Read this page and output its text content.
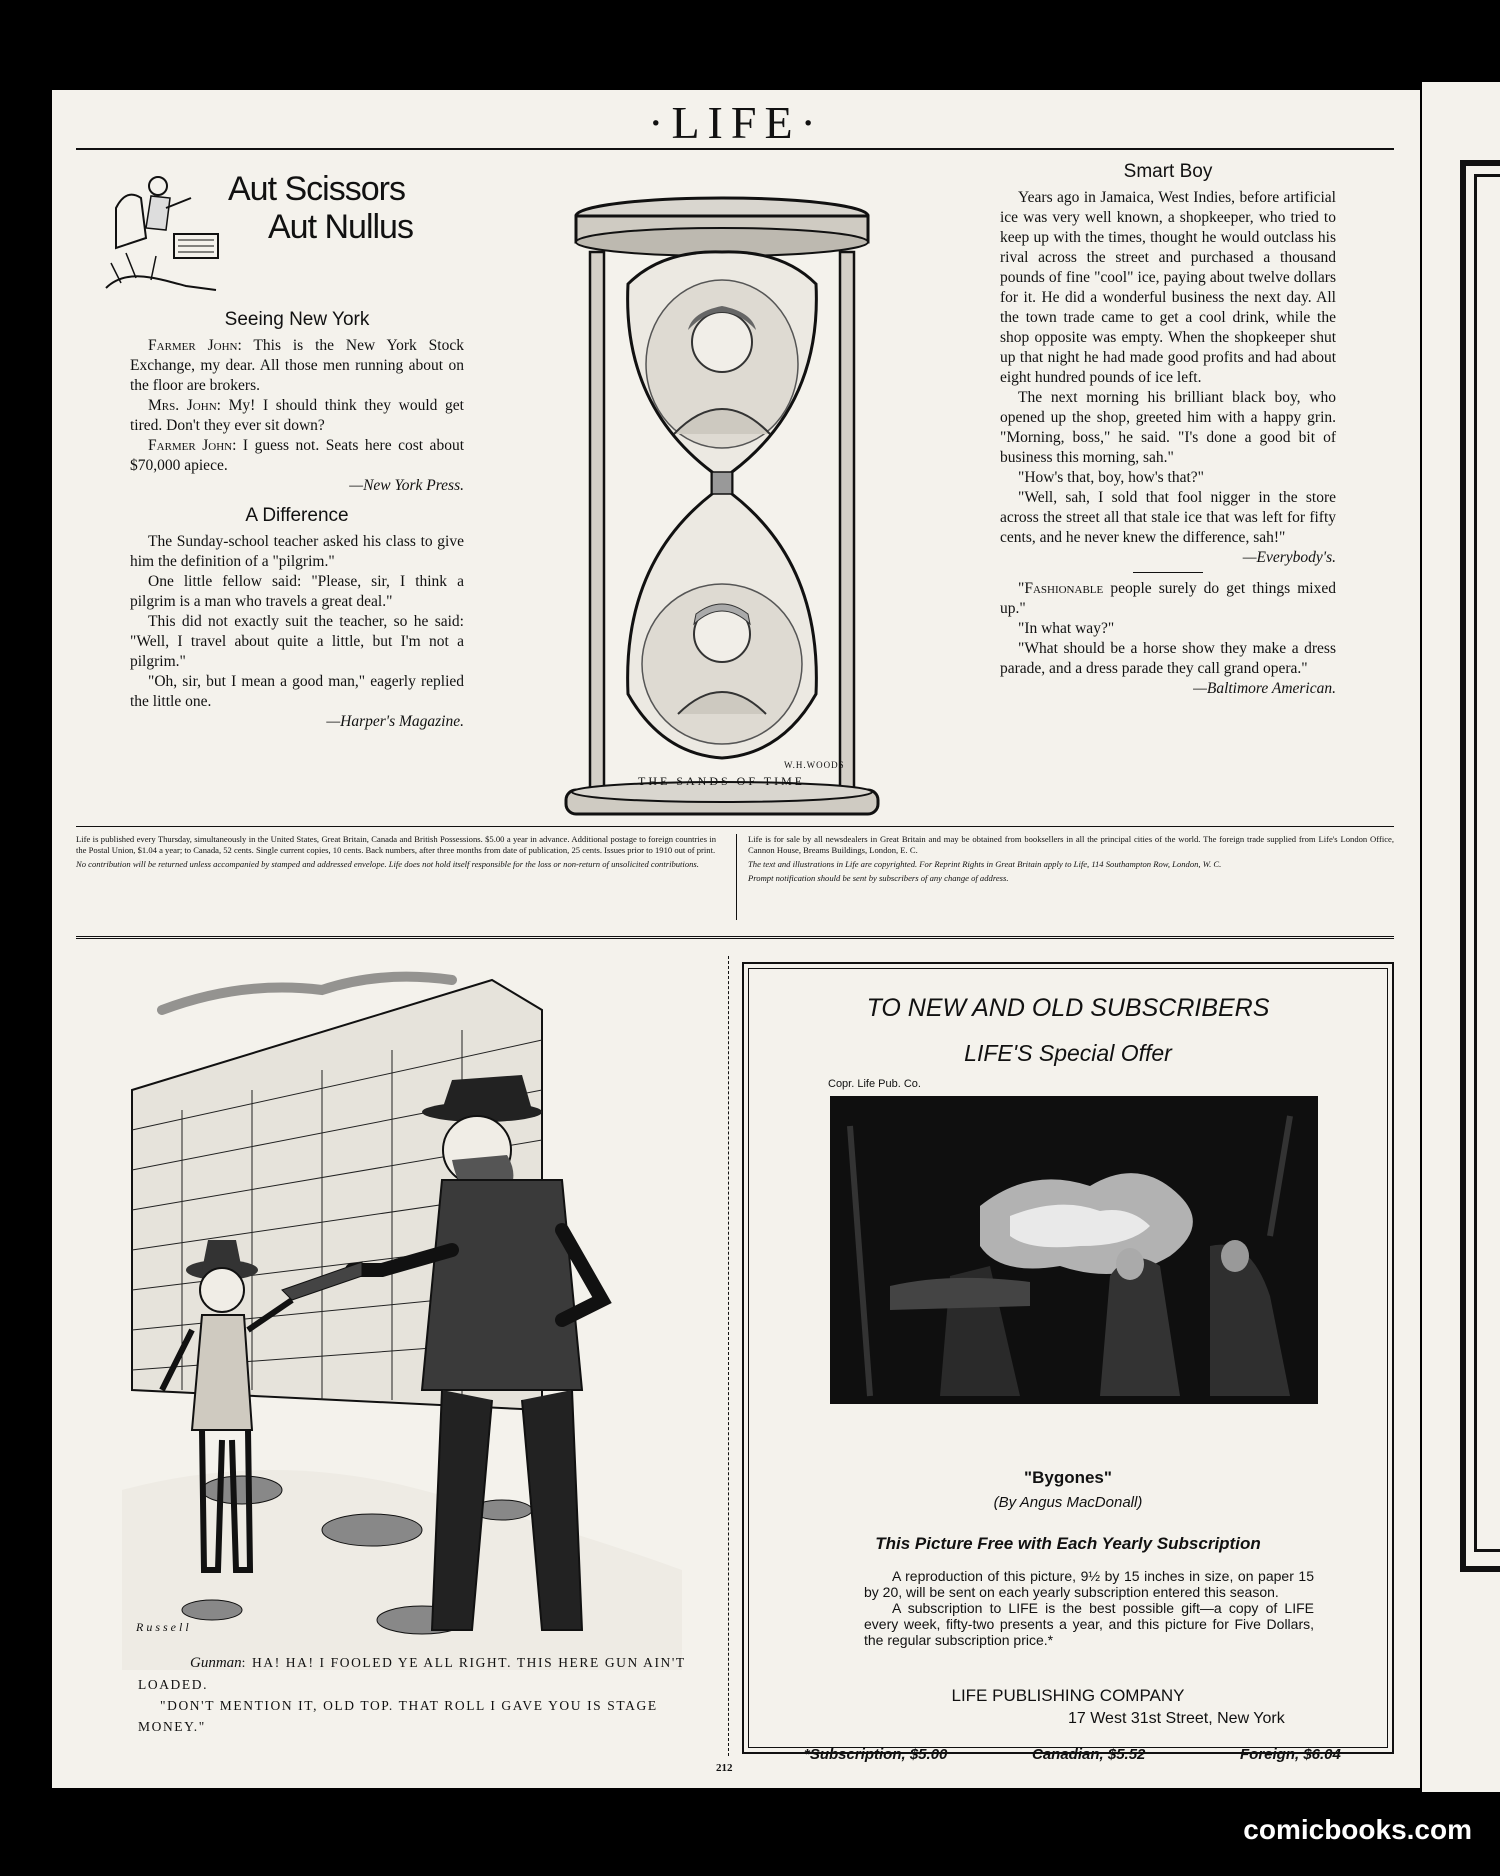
·LIFE·
Aut Scissors
Aut Nullus
Seeing New York

Farmer John: This is the New York Stock Exchange, my dear. All those men running about on the floor are brokers.

Mrs. John: My! I should think they would get tired. Don't they ever sit down?

Farmer John: I guess not. Seats here cost about $70,000 apiece.

—New York Press.
A Difference

The Sunday-school teacher asked his class to give him the definition of a "pilgrim."

One little fellow said: "Please, sir, I think a pilgrim is a man who travels a great deal."

This did not exactly suit the teacher, so he said: "Well, I travel about quite a little, but I'm not a pilgrim."

"Oh, sir, but I mean a good man," eagerly replied the little one.

—Harper's Magazine.
W.H.WOODS
THE SANDS OF TIME
Smart Boy

Years ago in Jamaica, West Indies, before artificial ice was very well known, a shopkeeper, who tried to keep up with the times, thought he would outclass his rival across the street and purchased a thousand pounds of fine "cool" ice, paying about twelve dollars for it. He did a wonderful business the next day. All the town trade came to get a cool drink, while the shop opposite was empty. When the shopkeeper shut up that night he had made good profits and had about eight hundred pounds of ice left.

The next morning his brilliant black boy, who opened up the shop, greeted him with a happy grin. "Morning, boss," he said. "I's done a good bit of business this morning, sah."

"How's that, boy, how's that?"

"Well, sah, I sold that fool nigger in the store across the street all that stale ice that was left for fifty cents, and he never knew the difference, sah!"

—Everybody's.

"Fashionable people surely do get things mixed up."

"In what way?"

"What should be a horse show they make a dress parade, and a dress parade they call grand opera."

—Baltimore American.

Life is published every Thursday, simultaneously in the United States, Great Britain, Canada and British Possessions. $5.00 a year in advance. Additional postage to foreign countries in the Postal Union, $1.04 a year; to Canada, 52 cents. Single current copies, 10 cents. Back numbers, after three months from date of publication, 25 cents. Issues prior to 1910 out of print.

No contribution will be returned unless accompanied by stamped and addressed envelope. Life does not hold itself responsible for the loss or non-return of unsolicited contributions.

Life is for sale by all newsdealers in Great Britain and may be obtained from booksellers in all the principal cities of the world. The foreign trade supplied from Life's London Office, Cannon House, Breams Buildings, London, E. C.

The text and illustrations in Life are copyrighted. For Reprint Rights in Great Britain apply to Life, 114 Southampton Row, London, W. C.

Prompt notification should be sent by subscribers of any change of address.

Russell

Gunman: HA! HA! I FOOLED YE ALL RIGHT. THIS HERE GUN AIN'T LOADED.

"DON'T MENTION IT, OLD TOP. THAT ROLL I GAVE YOU IS STAGE MONEY."

TO NEW AND OLD SUBSCRIBERS
LIFE'S Special Offer
Copr. Life Pub. Co.
"Bygones"
(By Angus MacDonall)
This Picture Free with Each Yearly Subscription

A reproduction of this picture, 9½ by 15 inches in size, on paper 15 by 20, will be sent on each yearly subscription entered this season.

A subscription to LIFE is the best possible gift—a copy of LIFE every week, fifty-two presents a year, and this picture for Five Dollars, the regular subscription price.*

LIFE PUBLISHING COMPANY
17 West 31st Street, New York
*Subscription, $5.00	Canadian, $5.52	Foreign, $6.04
212
comicbooks.com
